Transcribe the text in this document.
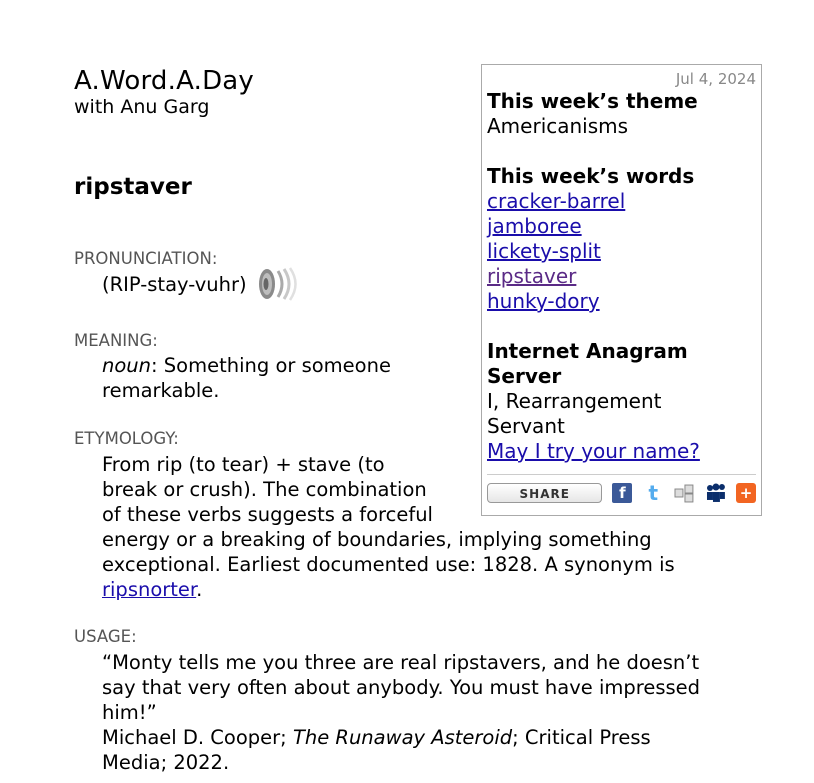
A.Word.A.Day
with Anu Garg
ripstaver
PRONUNCIATION:
(RIP-stay-vuhr)
MEANING:
noun: Something or someone remarkable.
ETYMOLOGY:
From rip (to tear) + stave (to
break or crush). The combination
of these verbs suggests a forceful
energy or a breaking of boundaries, implying something
exceptional. Earliest documented use: 1828. A synonym is
ripsnorter.
USAGE:
“Monty tells me you three are real ripstavers, and he doesn’t
say that very often about anybody. You must have impressed
him!”
Michael D. Cooper; The Runaway Asteroid; Critical Press
Media; 2022.
Jul 4, 2024
This week’s theme
Americanisms
This week’s words
cracker-barrel
jamboree
lickety-split
ripstaver
hunky-dory
Internet Anagram
Server
I, Rearrangement
Servant
May I try your name?
SHARE	f	t	+
